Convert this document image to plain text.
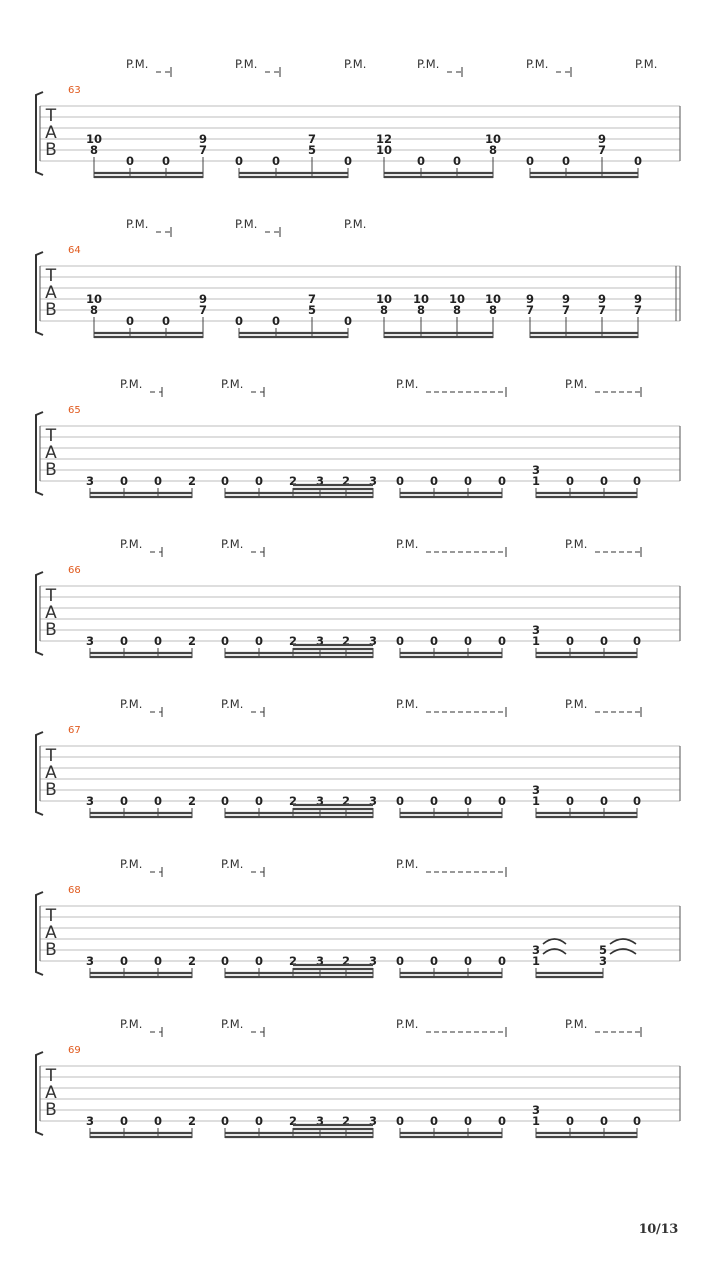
63
T
A
B
P.M.	P.M.	P.M.	P.M.	P.M.	P.M.
10
8
0 0
9
7
0	0
7
5
0
12
10
0 0
10
8
0 0
9
7
0
64
T
A
B
P.M.	P.M.	P.M.
10
8
0 0
9
7
0	0
7
5
0
10
8
10
8
10
8
10
8
9
7
9
7
9
7
9
7
65
T
A
B
P.M.	P.M.	P.M.	P.M.
3 0 0 2 0 0 2 3 2 3 0 0 0 0
3
1 0 0 0
66
T
A
B
P.M.	P.M.	P.M.	P.M.
3 0 0 2 0 0 2 3 2 3 0 0 0 0
3
1 0 0 0
67
T
A
B
P.M.	P.M.	P.M.	P.M.
3 0 0 2 0 0 2 3 2 3 0 0 0 0
3
1 0 0 0
68
T
A
B
P.M.	P.M.	P.M.
3 0 0 2 0 0 2 3 2 3 0 0 0 0
3
1
5
3
69
T
A
B
P.M.	P.M.	P.M.	P.M.
3 0 0 2 0 0 2 3 2 3 0 0 0 0
3
1 0 0 0
10/13
